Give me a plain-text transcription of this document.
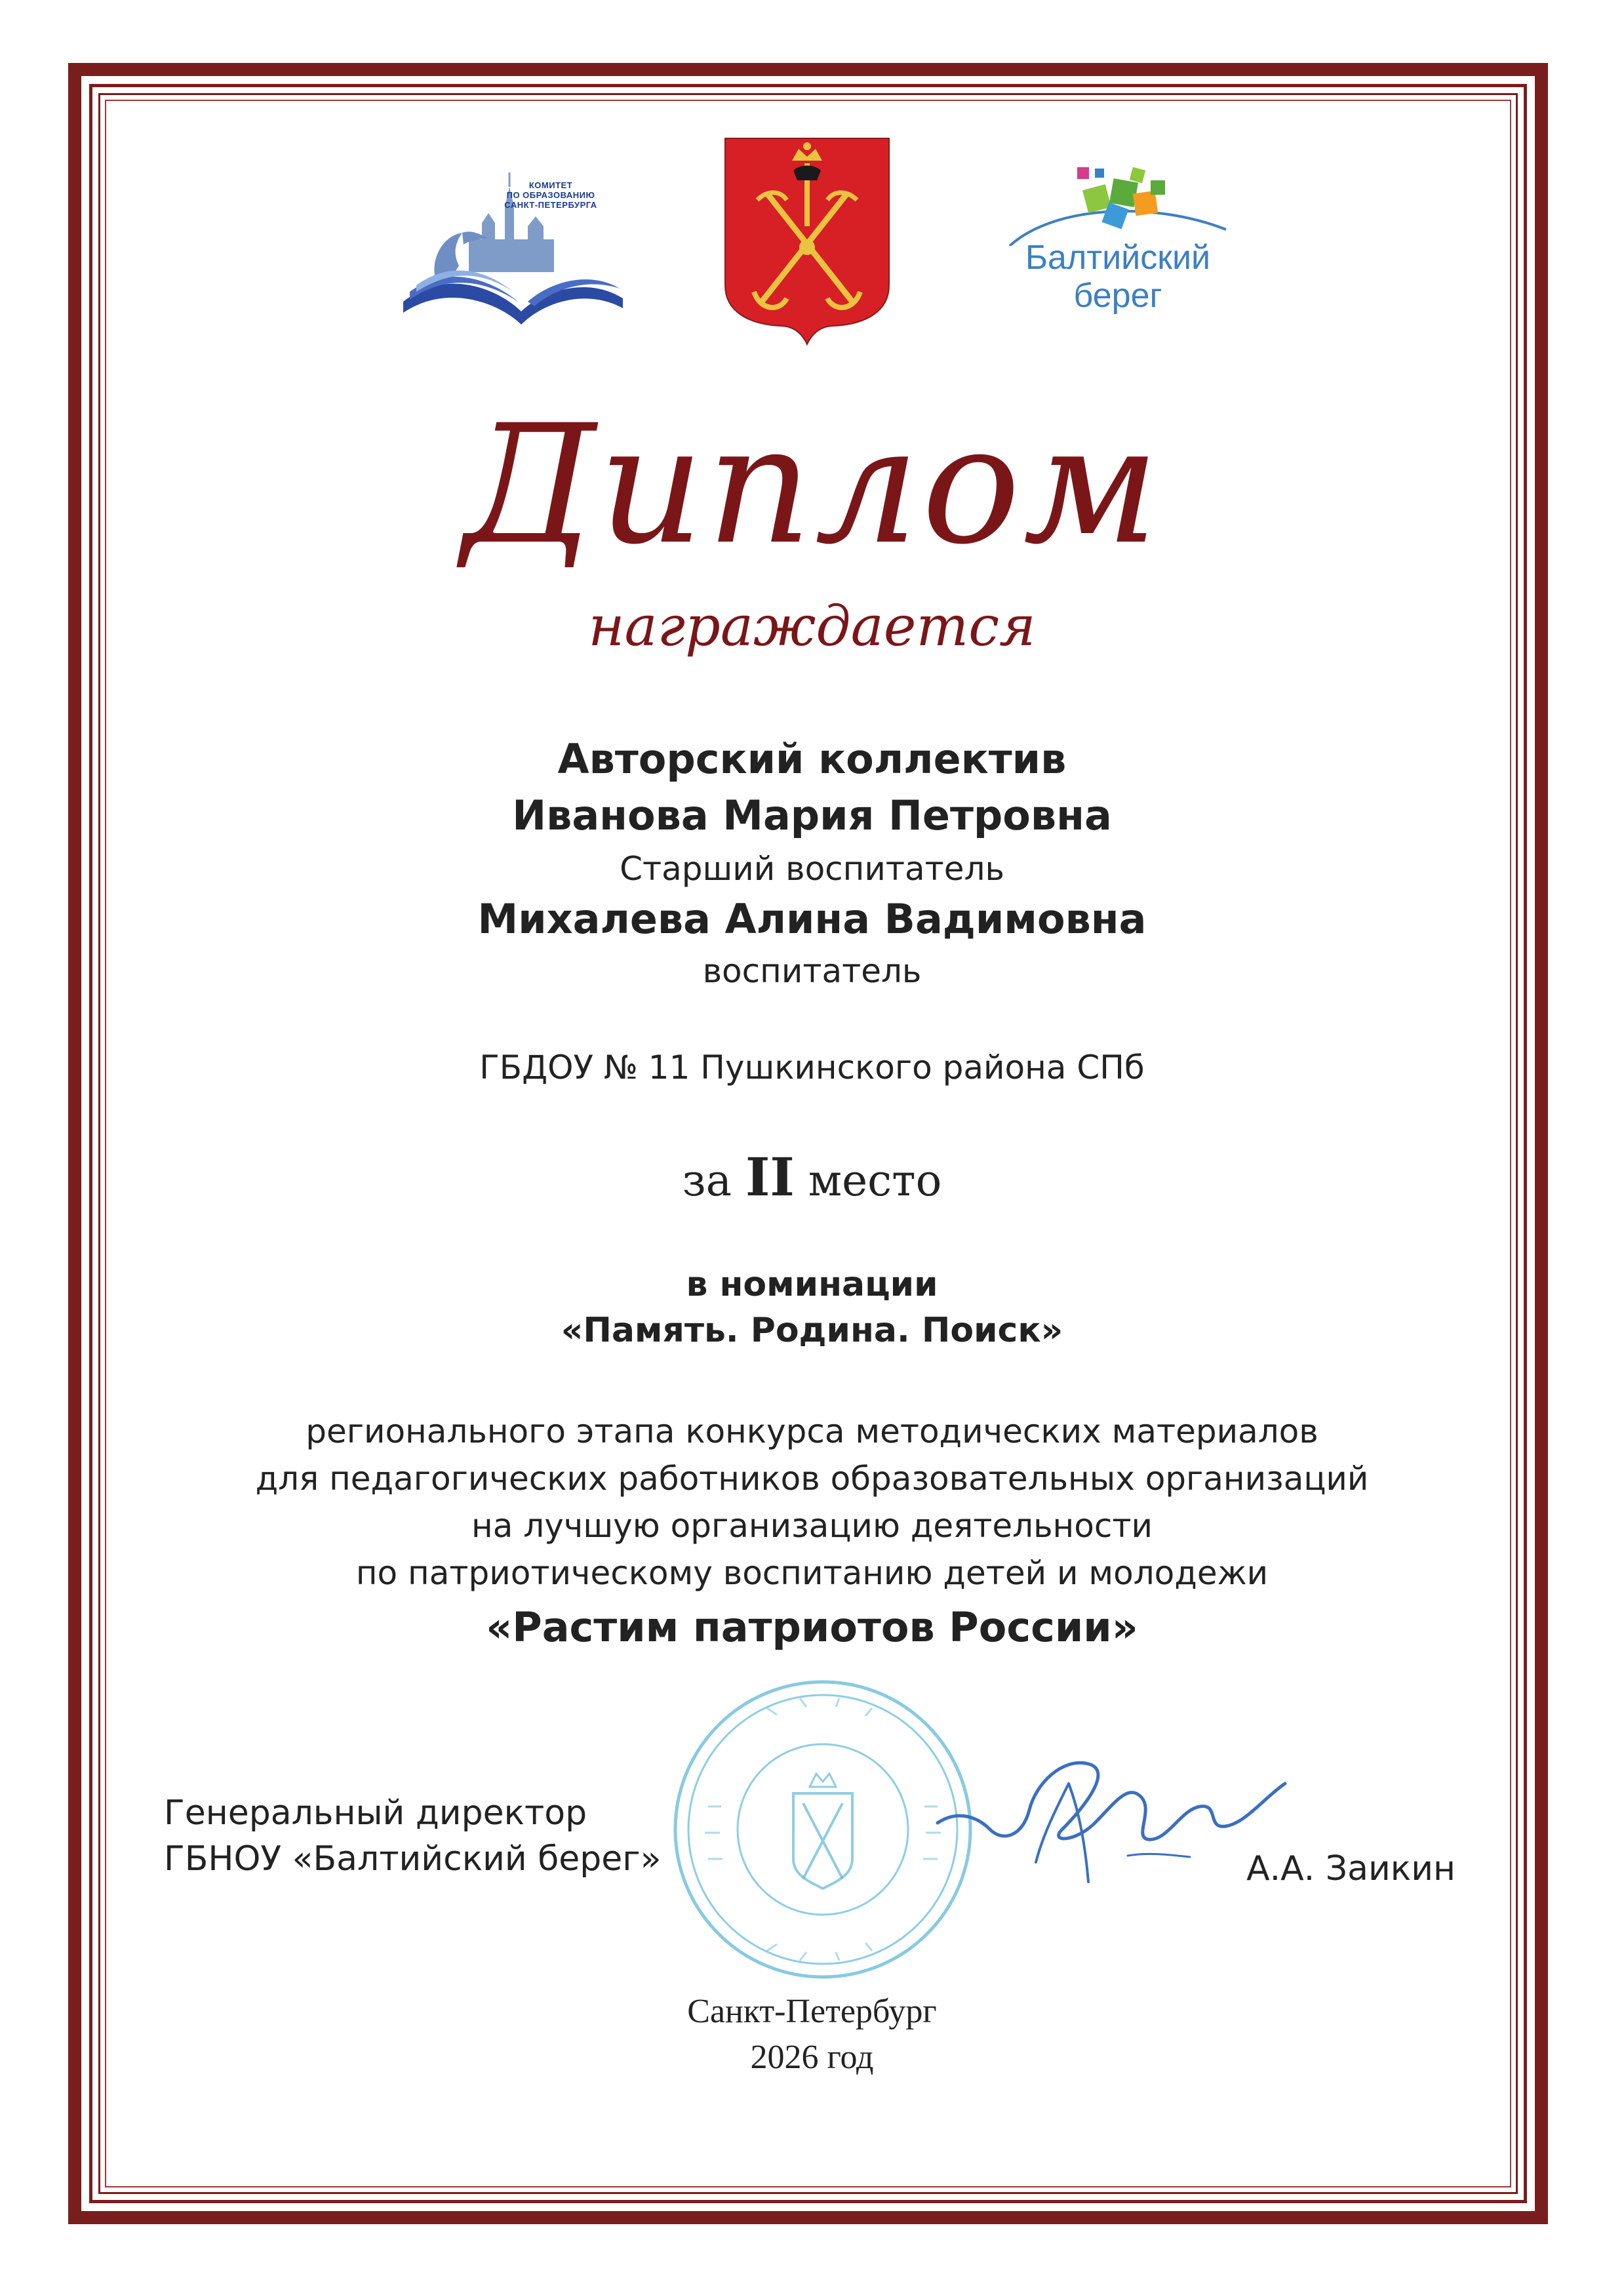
КОМИТЕТ
ПО ОБРАЗОВАНИЮ
САНКТ-ПЕТЕРБУРГА
Балтийский
берег
Диплом
награждается
Авторский коллектив
Иванова Мария Петровна
Старший воспитатель
Михалева Алина Вадимовна
воспитатель
ГБДОУ № 11 Пушкинского района СПб
за II место
в номинации
«Память. Родина. Поиск»
регионального этапа конкурса методических материалов
для педагогических работников образовательных организаций
на лучшую организацию деятельности
по патриотическому воспитанию детей и молодежи
«Растим патриотов России»
Генеральный директор
ГБНОУ «Балтийский берег»	А.А. Заикин
Санкт-Петербург
2026 год
